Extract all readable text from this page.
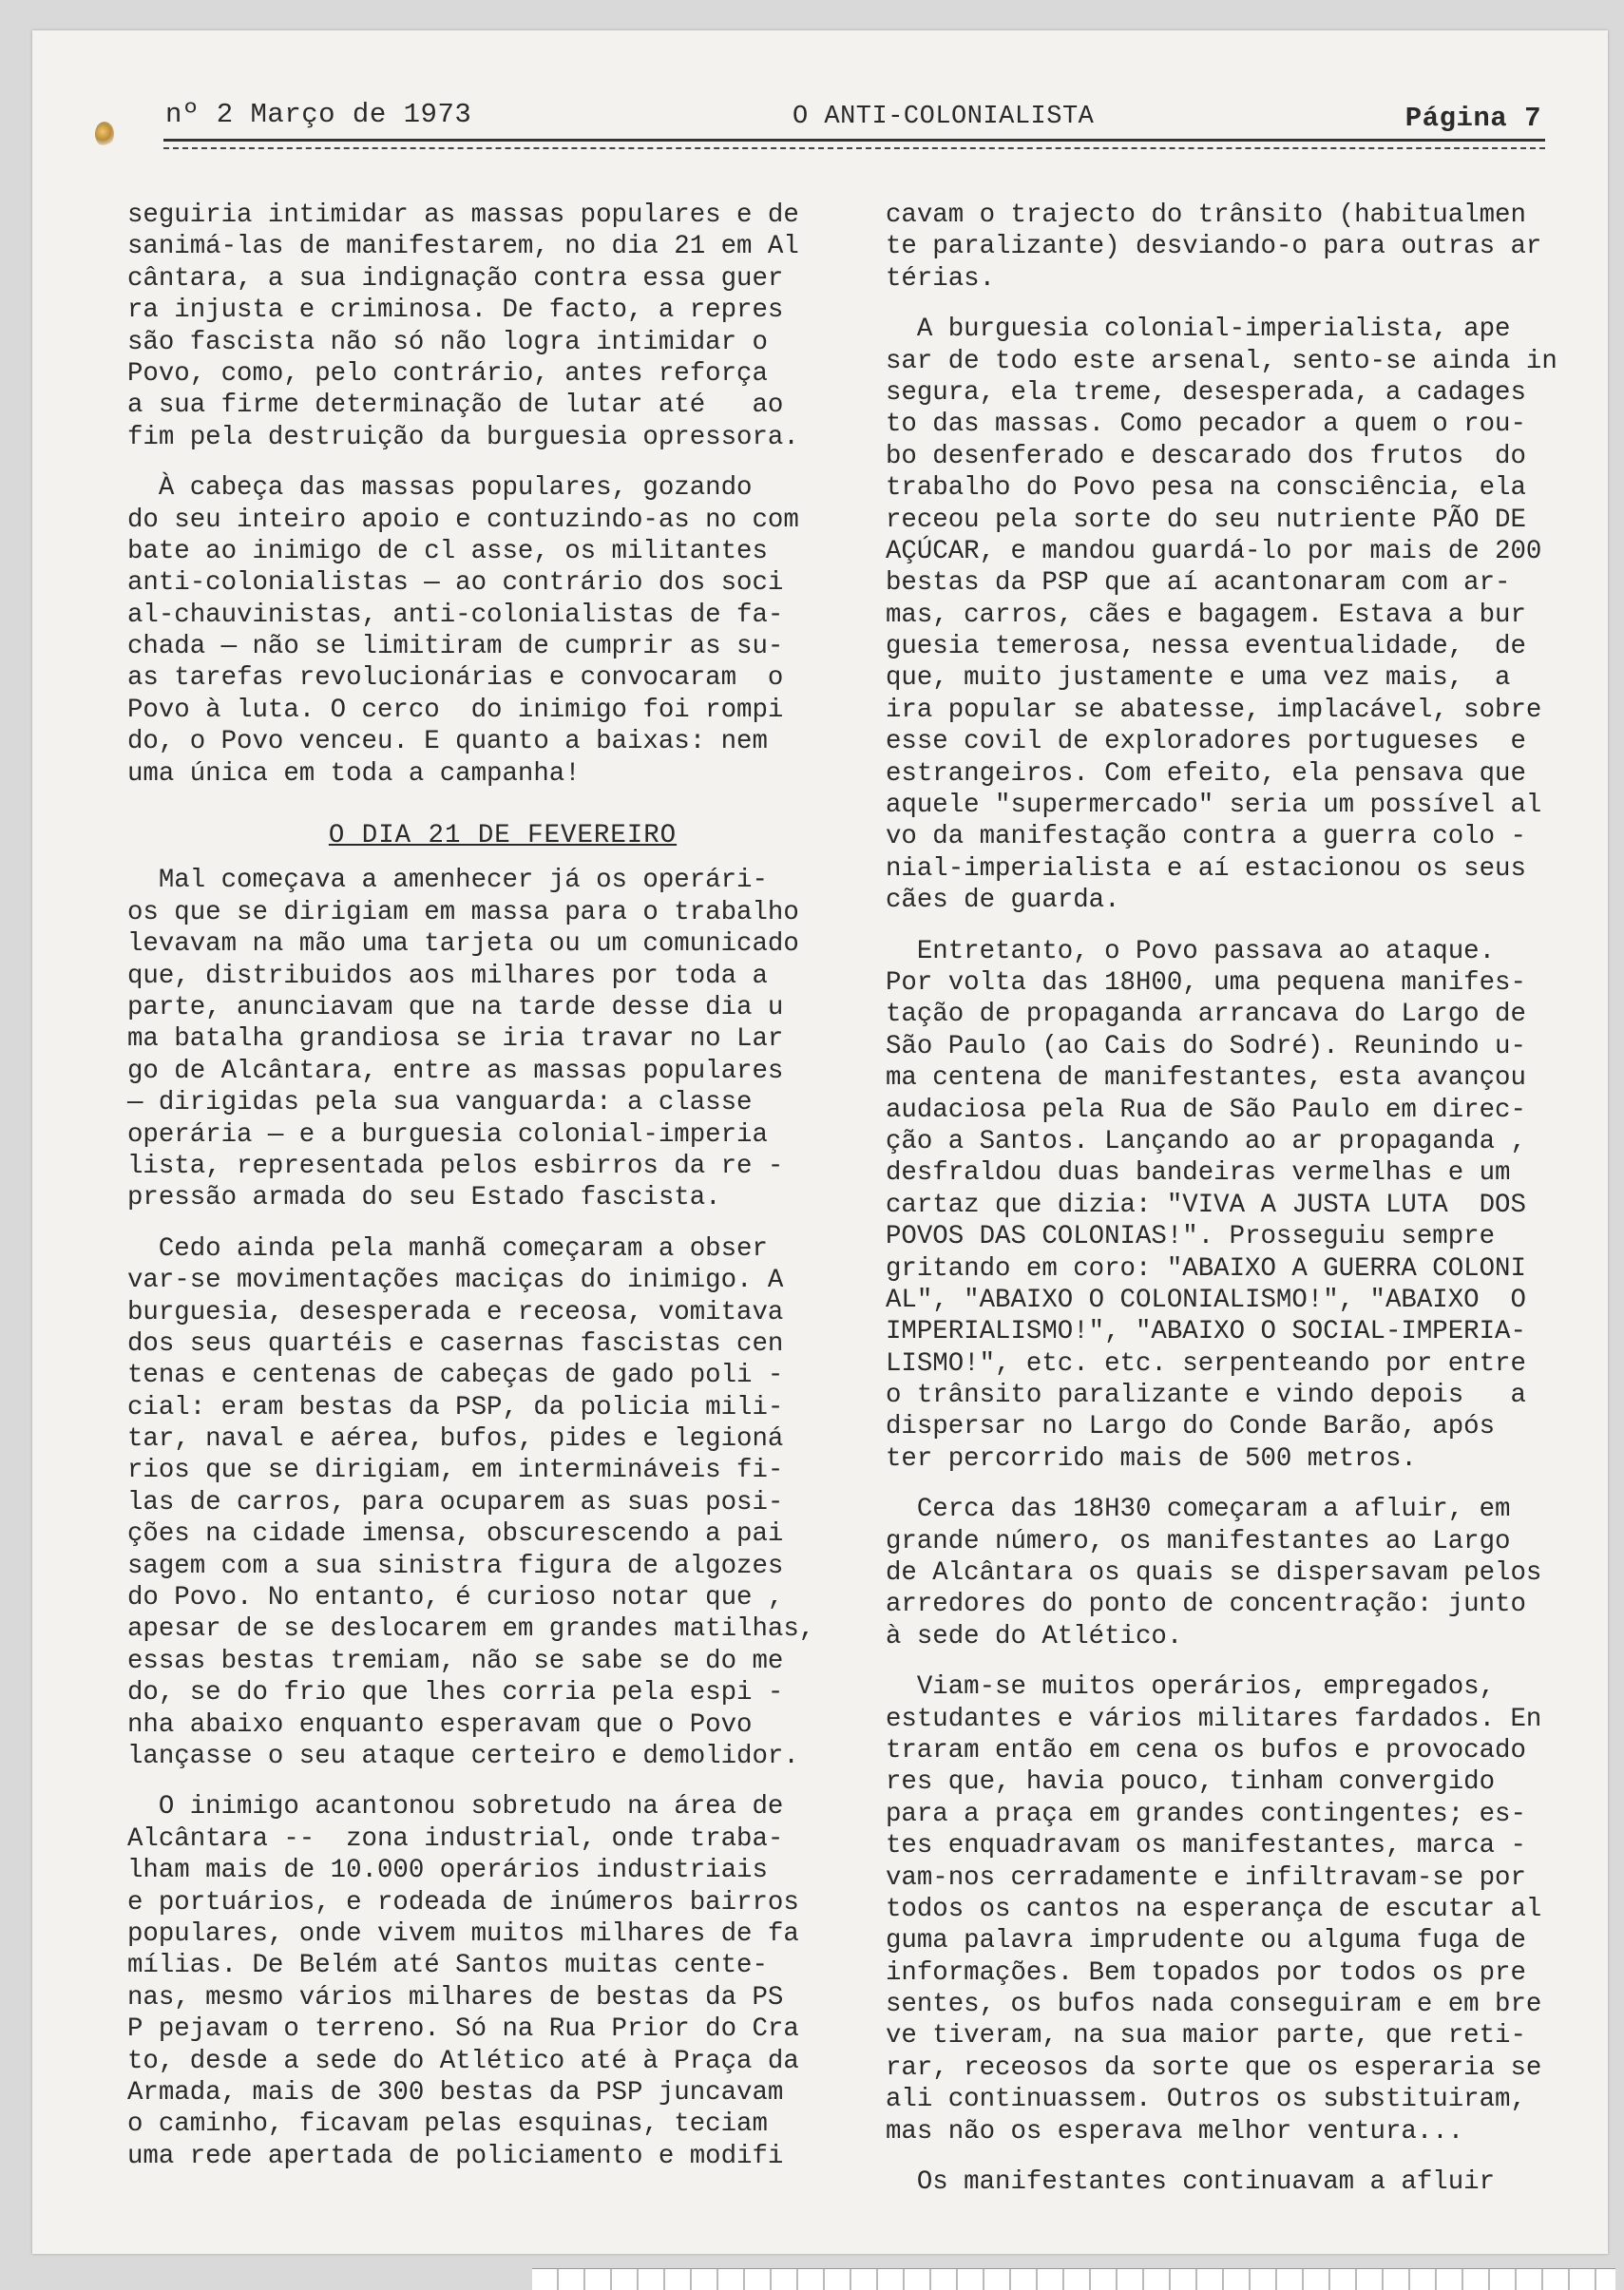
nº 2 Março de 1973	O ANTI-COLONIALISTA	Página 7
seguiria intimidar as massas populares e de
sanimá-las de manifestarem, no dia 21 em Al
cântara, a sua indignação contra essa guer
ra injusta e criminosa. De facto, a repres
são fascista não só não logra intimidar o
Povo, como, pelo contrário, antes reforça
a sua firme determinação de lutar até   ao
fim pela destruição da burguesia opressora.
À cabeça das massas populares, gozando
do seu inteiro apoio e contuzindo-as no com
bate ao inimigo de cl asse, os militantes
anti-colonialistas — ao contrário dos soci
al-chauvinistas, anti-colonialistas de fa-
chada — não se limitiram de cumprir as su-
as tarefas revolucionárias e convocaram  o
Povo à luta. O cerco  do inimigo foi rompi
do, o Povo venceu. E quanto a baixas: nem
uma única em toda a campanha!
O DIA 21 DE FEVEREIRO
Mal começava a amenhecer já os operári-
os que se dirigiam em massa para o trabalho
levavam na mão uma tarjeta ou um comunicado
que, distribuidos aos milhares por toda a
parte, anunciavam que na tarde desse dia u
ma batalha grandiosa se iria travar no Lar
go de Alcântara, entre as massas populares
— dirigidas pela sua vanguarda: a classe
operária — e a burguesia colonial-imperia
lista, representada pelos esbirros da re -
pressão armada do seu Estado fascista.
Cedo ainda pela manhã começaram a obser
var-se movimentações maciças do inimigo. A
burguesia, desesperada e receosa, vomitava
dos seus quartéis e casernas fascistas cen
tenas e centenas de cabeças de gado poli -
cial: eram bestas da PSP, da policia mili-
tar, naval e aérea, bufos, pides e legioná
rios que se dirigiam, em intermináveis fi-
las de carros, para ocuparem as suas posi-
ções na cidade imensa, obscurescendo a pai
sagem com a sua sinistra figura de algozes
do Povo. No entanto, é curioso notar que ,
apesar de se deslocarem em grandes matilhas,
essas bestas tremiam, não se sabe se do me
do, se do frio que lhes corria pela espi -
nha abaixo enquanto esperavam que o Povo
lançasse o seu ataque certeiro e demolidor.
O inimigo acantonou sobretudo na área de
Alcântara --  zona industrial, onde traba-
lham mais de 10.000 operários industriais
e portuários, e rodeada de inúmeros bairros
populares, onde vivem muitos milhares de fa
mílias. De Belém até Santos muitas cente-
nas, mesmo vários milhares de bestas da PS
P pejavam o terreno. Só na Rua Prior do Cra
to, desde a sede do Atlético até à Praça da
Armada, mais de 300 bestas da PSP juncavam
o caminho, ficavam pelas esquinas, teciam
uma rede apertada de policiamento e modifi
cavam o trajecto do trânsito (habitualmen
te paralizante) desviando-o para outras ar
térias.
A burguesia colonial-imperialista, ape
sar de todo este arsenal, sento-se ainda in
segura, ela treme, desesperada, a cadages
to das massas. Como pecador a quem o rou-
bo desenferado e descarado dos frutos  do
trabalho do Povo pesa na consciência, ela
receou pela sorte do seu nutriente PÃO DE
AÇÚCAR, e mandou guardá-lo por mais de 200
bestas da PSP que aí acantonaram com ar-
mas, carros, cães e bagagem. Estava a bur
guesia temerosa, nessa eventualidade,  de
que, muito justamente e uma vez mais,  a
ira popular se abatesse, implacável, sobre
esse covil de exploradores portugueses  e
estrangeiros. Com efeito, ela pensava que
aquele "supermercado" seria um possível al
vo da manifestação contra a guerra colo -
nial-imperialista e aí estacionou os seus
cães de guarda.
Entretanto, o Povo passava ao ataque.
Por volta das 18H00, uma pequena manifes-
tação de propaganda arrancava do Largo de
São Paulo (ao Cais do Sodré). Reunindo u-
ma centena de manifestantes, esta avançou
audaciosa pela Rua de São Paulo em direc-
ção a Santos. Lançando ao ar propaganda ,
desfraldou duas bandeiras vermelhas e um
cartaz que dizia: "VIVA A JUSTA LUTA  DOS
POVOS DAS COLONIAS!". Prosseguiu sempre
gritando em coro: "ABAIXO A GUERRA COLONI
AL", "ABAIXO O COLONIALISMO!", "ABAIXO  O
IMPERIALISMO!", "ABAIXO O SOCIAL-IMPERIA-
LISMO!", etc. etc. serpenteando por entre
o trânsito paralizante e vindo depois   a
dispersar no Largo do Conde Barão, após
ter percorrido mais de 500 metros.
Cerca das 18H30 começaram a afluir, em
grande número, os manifestantes ao Largo
de Alcântara os quais se dispersavam pelos
arredores do ponto de concentração: junto
à sede do Atlético.
Viam-se muitos operários, empregados,
estudantes e vários militares fardados. En
traram então em cena os bufos e provocado
res que, havia pouco, tinham convergido
para a praça em grandes contingentes; es-
tes enquadravam os manifestantes, marca -
vam-nos cerradamente e infiltravam-se por
todos os cantos na esperança de escutar al
guma palavra imprudente ou alguma fuga de
informações. Bem topados por todos os pre
sentes, os bufos nada conseguiram e em bre
ve tiveram, na sua maior parte, que reti-
rar, receosos da sorte que os esperaria se
ali continuassem. Outros os substituiram,
mas não os esperava melhor ventura...
Os manifestantes continuavam a afluir
